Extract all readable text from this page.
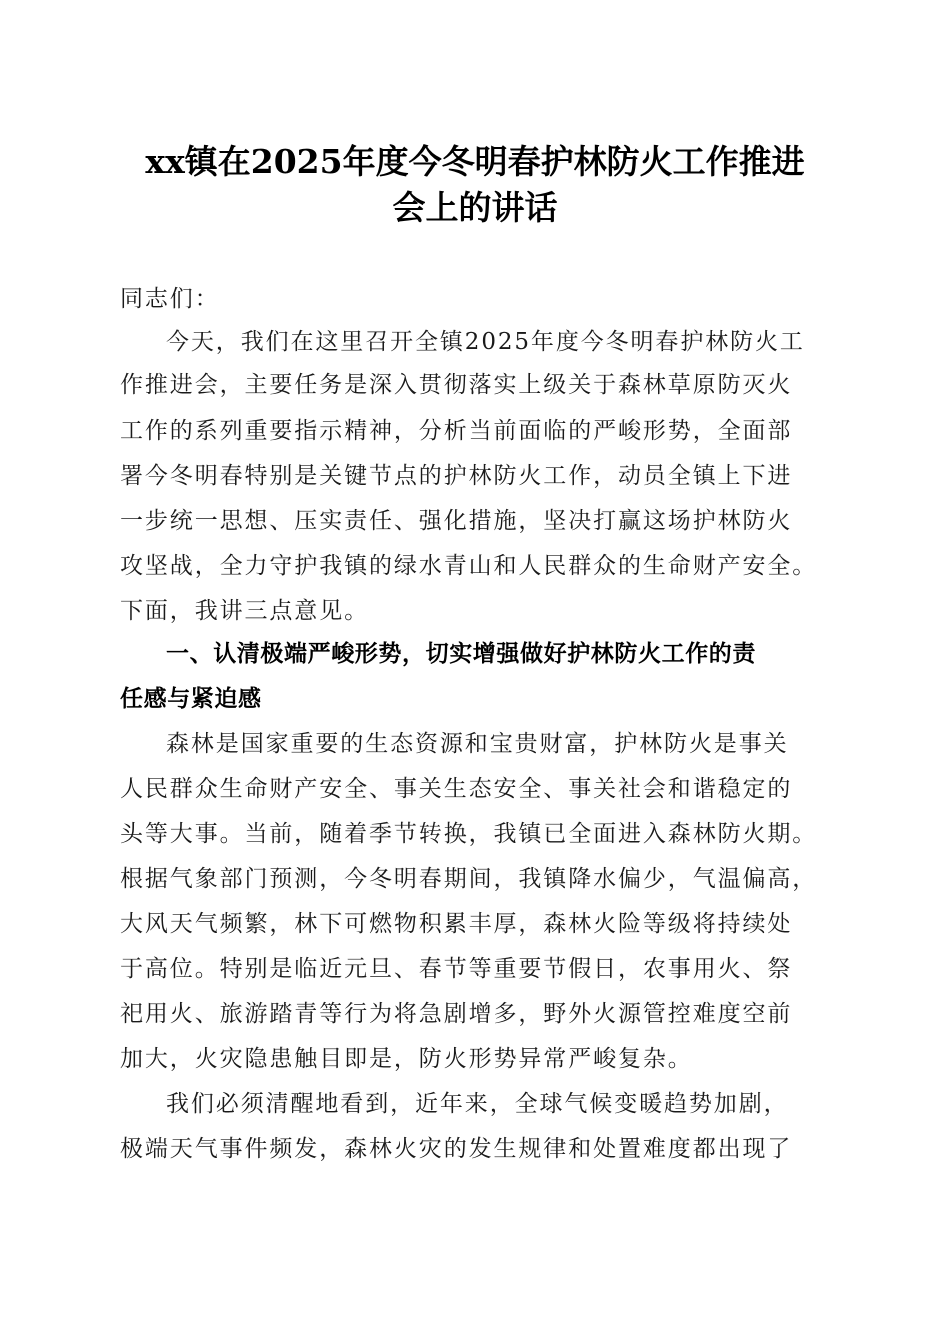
xx镇在2025年度今冬明春护林防火工作推进
会上的讲话
同志们：
今天，我们在这里召开全镇2025年度今冬明春护林防火工
作推进会，主要任务是深入贯彻落实上级关于森林草原防灭火
工作的系列重要指示精神，分析当前面临的严峻形势，全面部
署今冬明春特别是关键节点的护林防火工作，动员全镇上下进
一步统一思想、压实责任、强化措施，坚决打赢这场护林防火
攻坚战，全力守护我镇的绿水青山和人民群众的生命财产安全。
下面，我讲三点意见。
一、认清极端严峻形势，切实增强做好护林防火工作的责
任感与紧迫感
森林是国家重要的生态资源和宝贵财富，护林防火是事关
人民群众生命财产安全、事关生态安全、事关社会和谐稳定的
头等大事。当前，随着季节转换，我镇已全面进入森林防火期。
根据气象部门预测，今冬明春期间，我镇降水偏少，气温偏高，
大风天气频繁，林下可燃物积累丰厚，森林火险等级将持续处
于高位。特别是临近元旦、春节等重要节假日，农事用火、祭
祀用火、旅游踏青等行为将急剧增多，野外火源管控难度空前
加大，火灾隐患触目即是，防火形势异常严峻复杂。
我们必须清醒地看到，近年来，全球气候变暖趋势加剧，
极端天气事件频发，森林火灾的发生规律和处置难度都出现了
